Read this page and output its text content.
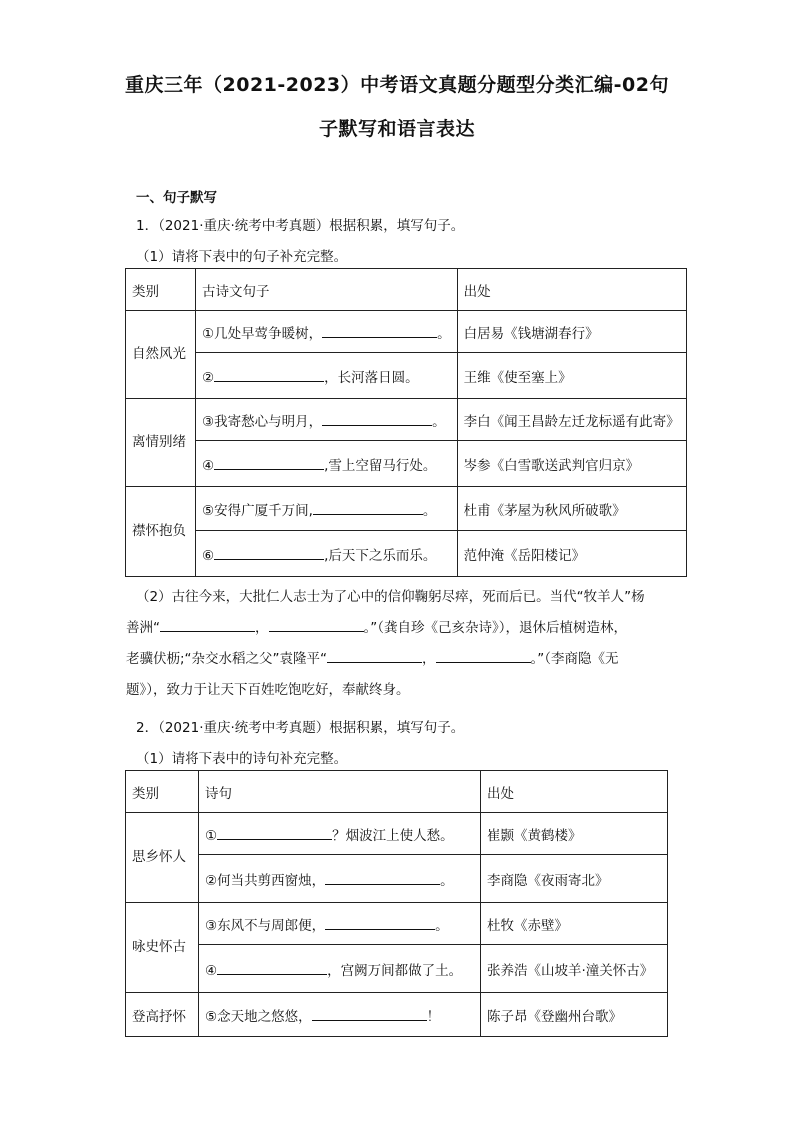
重庆三年（2021-2023）中考语文真题分题型分类汇编-02句
子默写和语言表达
一、句子默写
1．（2021·重庆·统考中考真题）根据积累，填写句子。
（1）请将下表中的句子补充完整。
类别	古诗文句子	出处
自然风光	①几处早莺争暖树， 。	白居易《钱塘湖春行》
	② ，长河落日圆。	王维《使至塞上》
离情别绪	③我寄愁心与明月， 。	李白《闻王昌龄左迁龙标遥有此寄》
	④ ,雪上空留马行处。	岑参《白雪歌送武判官归京》
襟怀抱负	⑤安得广厦千万间, 。	杜甫《茅屋为秋风所破歌》
	⑥ ,后天下之乐而乐。	范仲淹《岳阳楼记》
（2）古往今来，大批仁人志士为了心中的信仰鞠躬尽瘁，死而后已。当代“牧羊人”杨
善洲“	，	。”（龚自珍《己亥杂诗》），退休后植树造林，
老骥伏枥;“杂交水稻之父”袁隆平“	，	。”（李商隐《无
题》），致力于让天下百姓吃饱吃好，奉献终身。
2．（2021·重庆·统考中考真题）根据积累，填写句子。
（1）请将下表中的诗句补充完整。
类别	诗句	出处
思乡怀人	① ？烟波江上使人愁。	崔颢《黄鹤楼》
	②何当共剪西窗烛， 。	李商隐《夜雨寄北》
咏史怀古	③东风不与周郎便， 。	杜牧《赤壁》
	④ ，宫阙万间都做了土。	张养浩《山坡羊·潼关怀古》
登高抒怀	⑤念天地之悠悠， ！	陈子昂《登幽州台歌》
